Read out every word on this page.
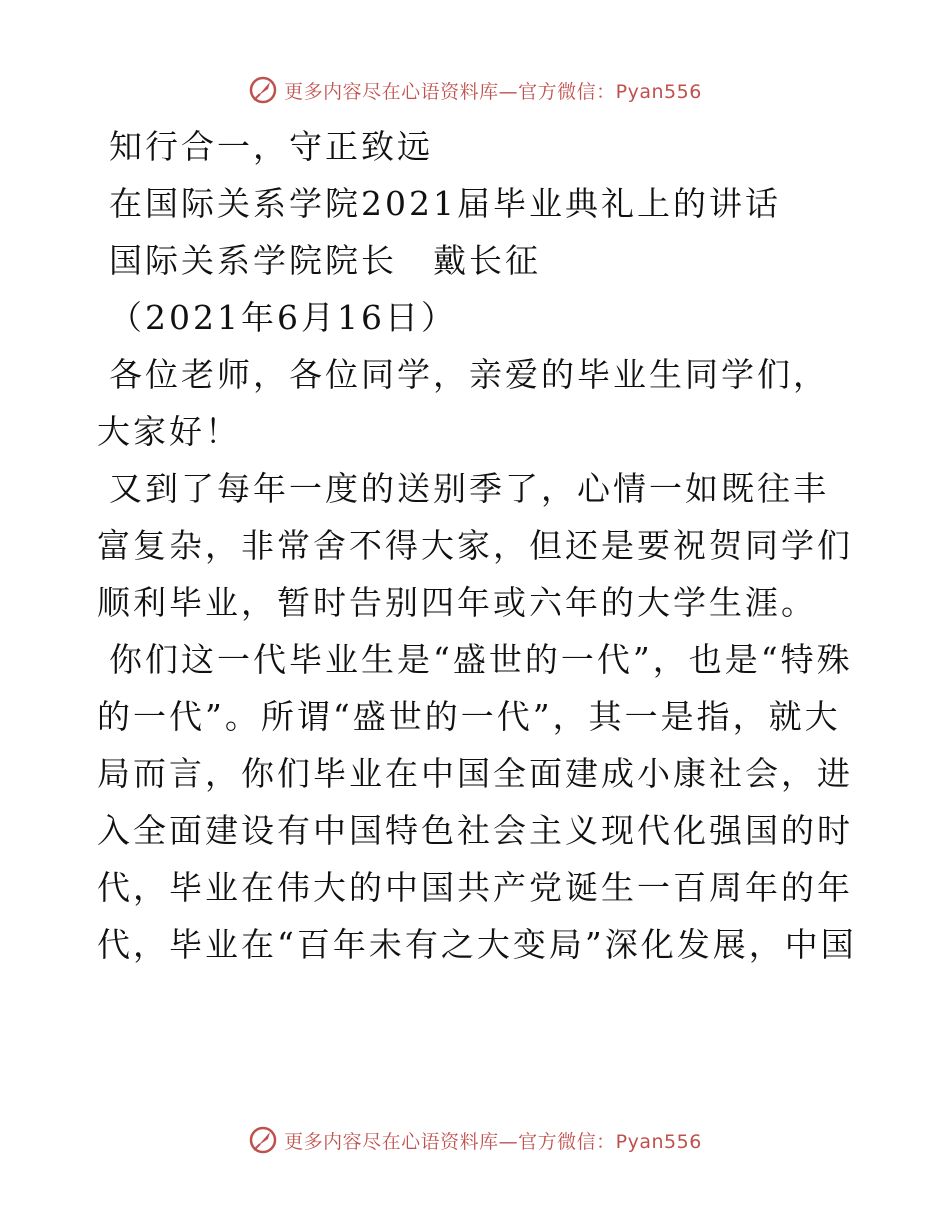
更多内容尽在心语资料库—官方微信：Pyan556
知行合一，守正致远
在国际关系学院2021届毕业典礼上的讲话
国际关系学院院长　戴长征
（2021年6月16日）

各位老师，各位同学，亲爱的毕业生同学们，大家好！

又到了每年一度的送别季了，心情一如既往丰富复杂，非常舍不得大家，但还是要祝贺同学们顺利毕业，暂时告别四年或六年的大学生涯。

你们这一代毕业生是“盛世的一代”，也是“特殊的一代”。所谓“盛世的一代”，其一是指，就大局而言，你们毕业在中国全面建成小康社会，进入全面建设有中国特色社会主义现代化强国的时代，毕业在伟大的中国共产党诞生一百周年的年代，毕业在“百年未有之大变局”深化发展，中国

更多内容尽在心语资料库—官方微信：Pyan556
